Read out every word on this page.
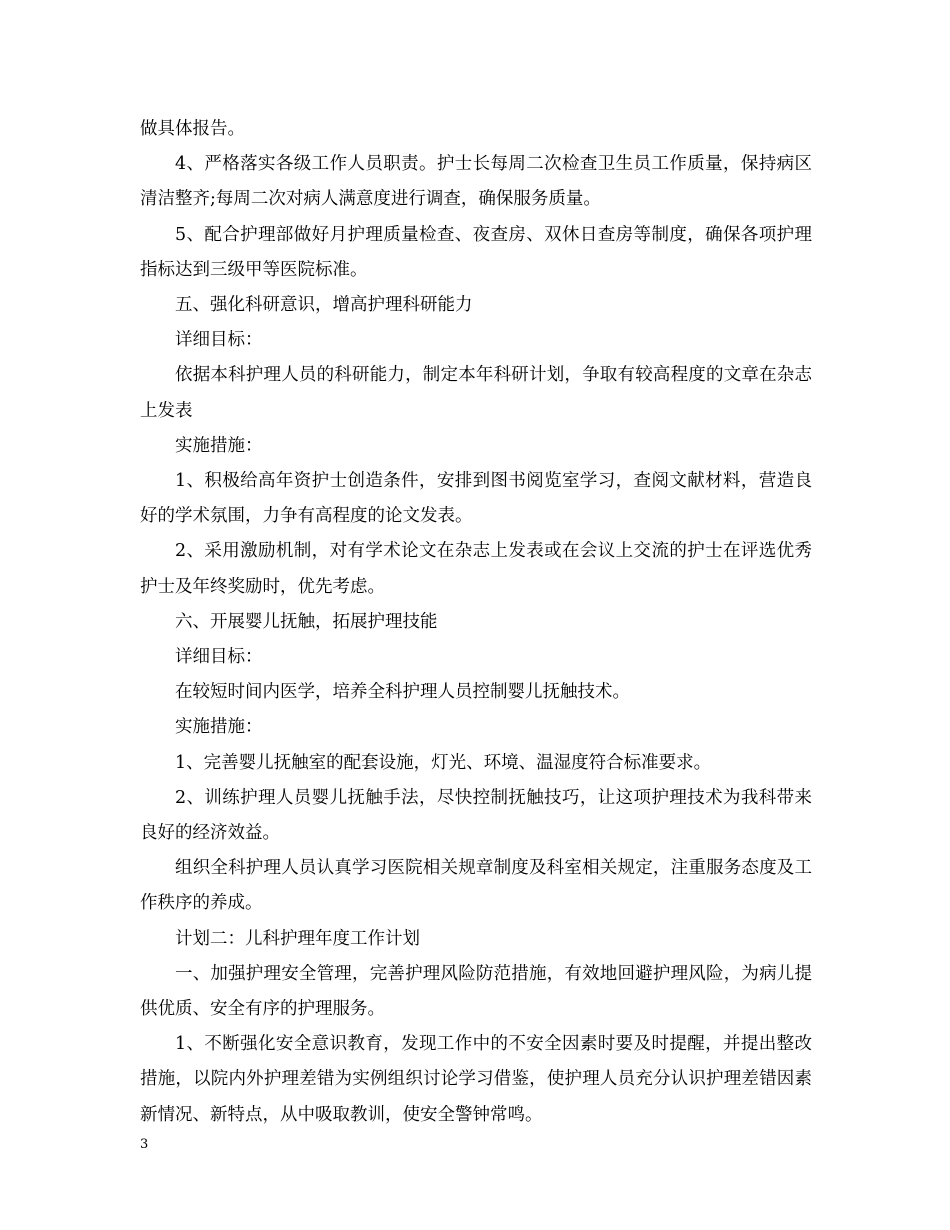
做具体报告。

4、严格落实各级工作人员职责。护士长每周二次检查卫生员工作质量，保持病区清洁整齐;每周二次对病人满意度进行调查，确保服务质量。

5、配合护理部做好月护理质量检查、夜查房、双休日查房等制度，确保各项护理指标达到三级甲等医院标准。

五、强化科研意识，增高护理科研能力

详细目标：

依据本科护理人员的科研能力，制定本年科研计划，争取有较高程度的文章在杂志上发表

实施措施：

1、积极给高年资护士创造条件，安排到图书阅览室学习，查阅文献材料，营造良好的学术氛围，力争有高程度的论文发表。

2、采用激励机制，对有学术论文在杂志上发表或在会议上交流的护士在评选优秀护士及年终奖励时，优先考虑。

六、开展婴儿抚触，拓展护理技能

详细目标：

在较短时间内医学，培养全科护理人员控制婴儿抚触技术。

实施措施：

1、完善婴儿抚触室的配套设施，灯光、环境、温湿度符合标准要求。

2、训练护理人员婴儿抚触手法，尽快控制抚触技巧，让这项护理技术为我科带来良好的经济效益。

组织全科护理人员认真学习医院相关规章制度及科室相关规定，注重服务态度及工作秩序的养成。

计划二：儿科护理年度工作计划

一、加强护理安全管理，完善护理风险防范措施，有效地回避护理风险，为病儿提供优质、安全有序的护理服务。

1、不断强化安全意识教育，发现工作中的不安全因素时要及时提醒，并提出整改措施，以院内外护理差错为实例组织讨论学习借鉴，使护理人员充分认识护理差错因素新情况、新特点，从中吸取教训，使安全警钟常鸣。

3
